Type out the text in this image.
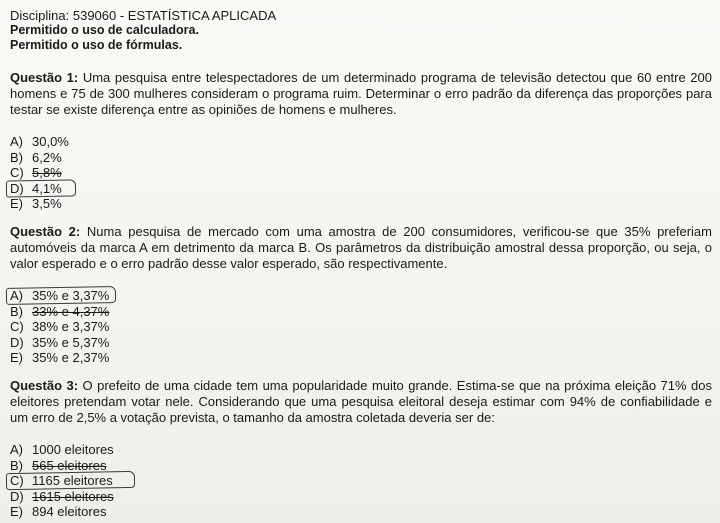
Disciplina: 539060 - ESTATÍSTICA APLICADA
Permitido o uso de calculadora.
Permitido o uso de fórmulas.
Questão 1: Uma pesquisa entre telespectadores de um determinado programa de televisão detectou que 60 entre 200 homens e 75 de 300 mulheres consideram o programa ruim. Determinar o erro padrão da diferença das proporções para testar se existe diferença entre as opiniões de homens e mulheres.
A) 30,0%
B) 6,2%
C) 5,8%
D) 4,1%
E) 3,5%
Questão 2: Numa pesquisa de mercado com uma amostra de 200 consumidores, verificou-se que 35% preferiam automóveis da marca A em detrimento da marca B. Os parâmetros da distribuição amostral dessa proporção, ou seja, o valor esperado e o erro padrão desse valor esperado, são respectivamente.
A) 35% e 3,37%
B) 33% e 4,37%
C) 38% e 3,37%
D) 35% e 5,37%
E) 35% e 2,37%
Questão 3: O prefeito de uma cidade tem uma popularidade muito grande. Estima-se que na próxima eleição 71% dos eleitores pretendam votar nele. Considerando que uma pesquisa eleitoral deseja estimar com 94% de confiabilidade e um erro de 2,5% a votação prevista, o tamanho da amostra coletada deveria ser de:
A) 1000 eleitores
B) 565 eleitores
C) 1165 eleitores
D) 1615 eleitores
E) 894 eleitores
